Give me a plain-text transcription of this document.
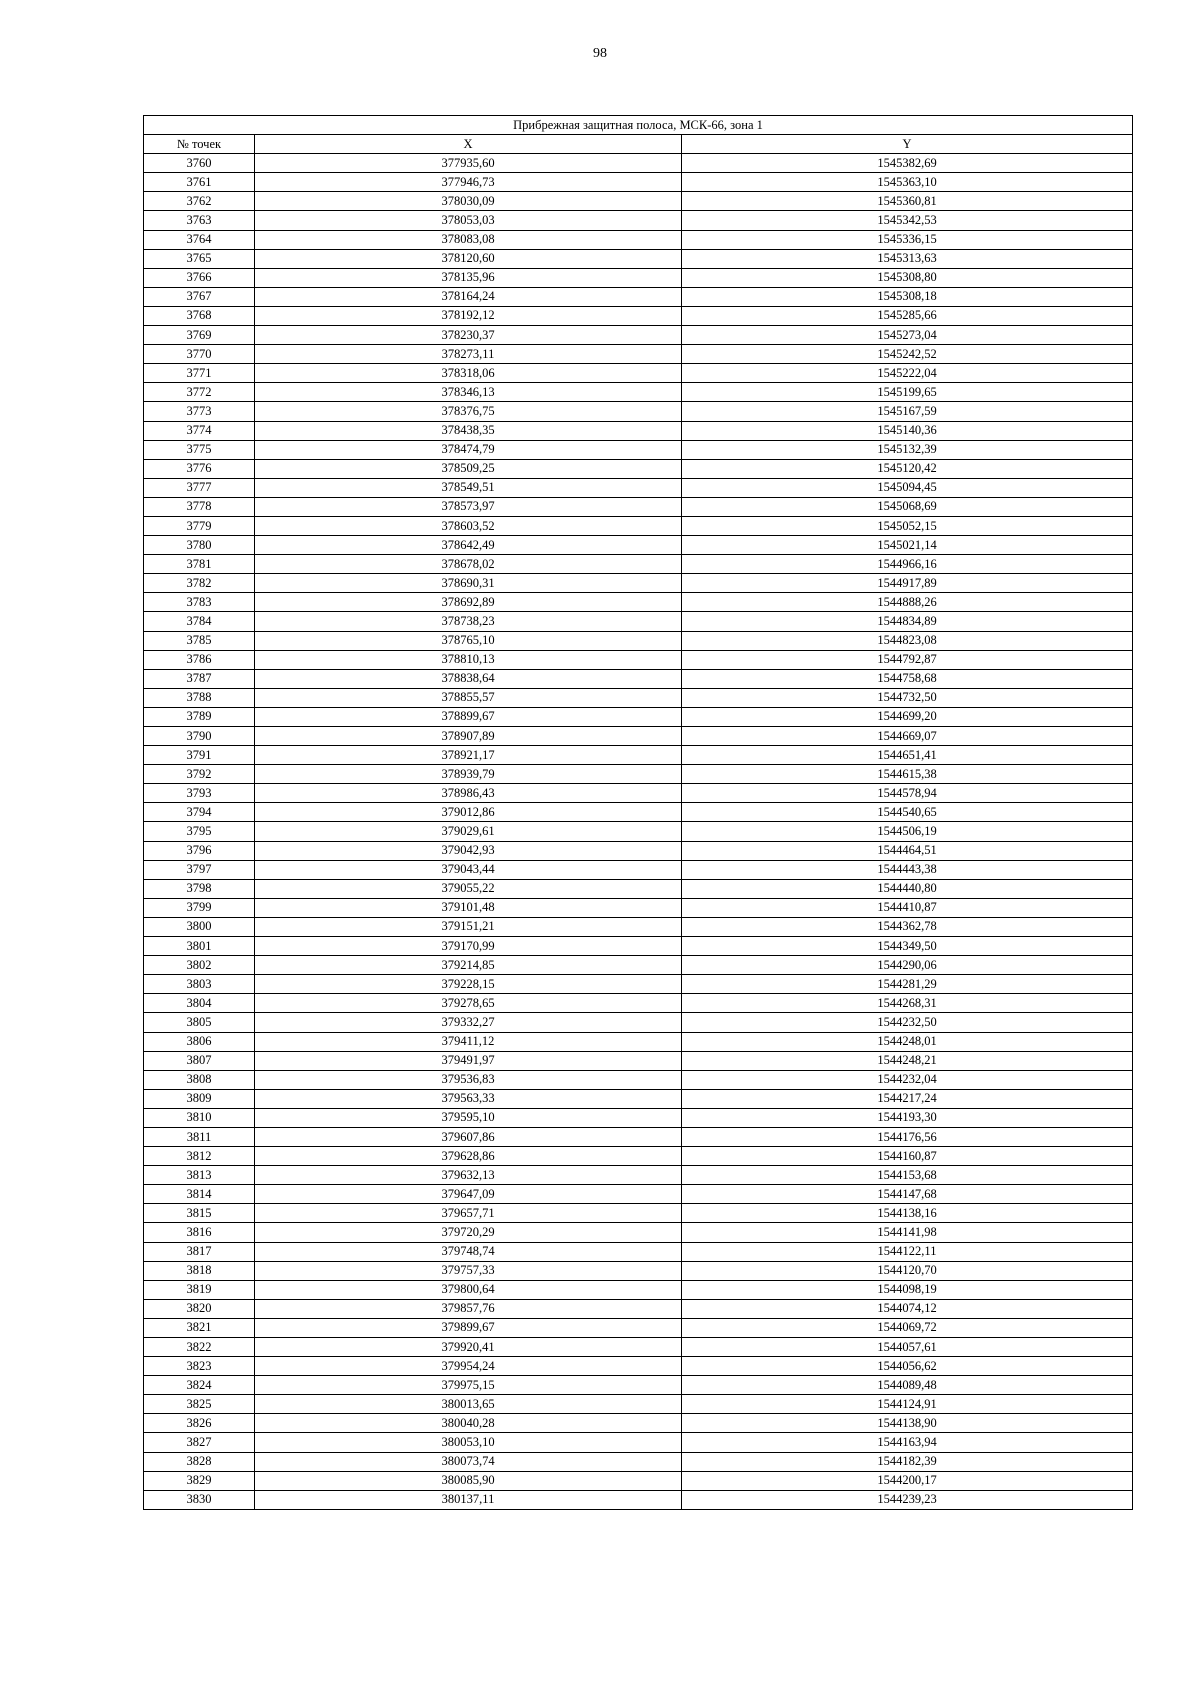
98
Прибрежная защитная полоса, МСК-66, зона 1		
№ точек	X	Y
3760	377935,60	1545382,69
3761	377946,73	1545363,10
3762	378030,09	1545360,81
3763	378053,03	1545342,53
3764	378083,08	1545336,15
3765	378120,60	1545313,63
3766	378135,96	1545308,80
3767	378164,24	1545308,18
3768	378192,12	1545285,66
3769	378230,37	1545273,04
3770	378273,11	1545242,52
3771	378318,06	1545222,04
3772	378346,13	1545199,65
3773	378376,75	1545167,59
3774	378438,35	1545140,36
3775	378474,79	1545132,39
3776	378509,25	1545120,42
3777	378549,51	1545094,45
3778	378573,97	1545068,69
3779	378603,52	1545052,15
3780	378642,49	1545021,14
3781	378678,02	1544966,16
3782	378690,31	1544917,89
3783	378692,89	1544888,26
3784	378738,23	1544834,89
3785	378765,10	1544823,08
3786	378810,13	1544792,87
3787	378838,64	1544758,68
3788	378855,57	1544732,50
3789	378899,67	1544699,20
3790	378907,89	1544669,07
3791	378921,17	1544651,41
3792	378939,79	1544615,38
3793	378986,43	1544578,94
3794	379012,86	1544540,65
3795	379029,61	1544506,19
3796	379042,93	1544464,51
3797	379043,44	1544443,38
3798	379055,22	1544440,80
3799	379101,48	1544410,87
3800	379151,21	1544362,78
3801	379170,99	1544349,50
3802	379214,85	1544290,06
3803	379228,15	1544281,29
3804	379278,65	1544268,31
3805	379332,27	1544232,50
3806	379411,12	1544248,01
3807	379491,97	1544248,21
3808	379536,83	1544232,04
3809	379563,33	1544217,24
3810	379595,10	1544193,30
3811	379607,86	1544176,56
3812	379628,86	1544160,87
3813	379632,13	1544153,68
3814	379647,09	1544147,68
3815	379657,71	1544138,16
3816	379720,29	1544141,98
3817	379748,74	1544122,11
3818	379757,33	1544120,70
3819	379800,64	1544098,19
3820	379857,76	1544074,12
3821	379899,67	1544069,72
3822	379920,41	1544057,61
3823	379954,24	1544056,62
3824	379975,15	1544089,48
3825	380013,65	1544124,91
3826	380040,28	1544138,90
3827	380053,10	1544163,94
3828	380073,74	1544182,39
3829	380085,90	1544200,17
3830	380137,11	1544239,23
